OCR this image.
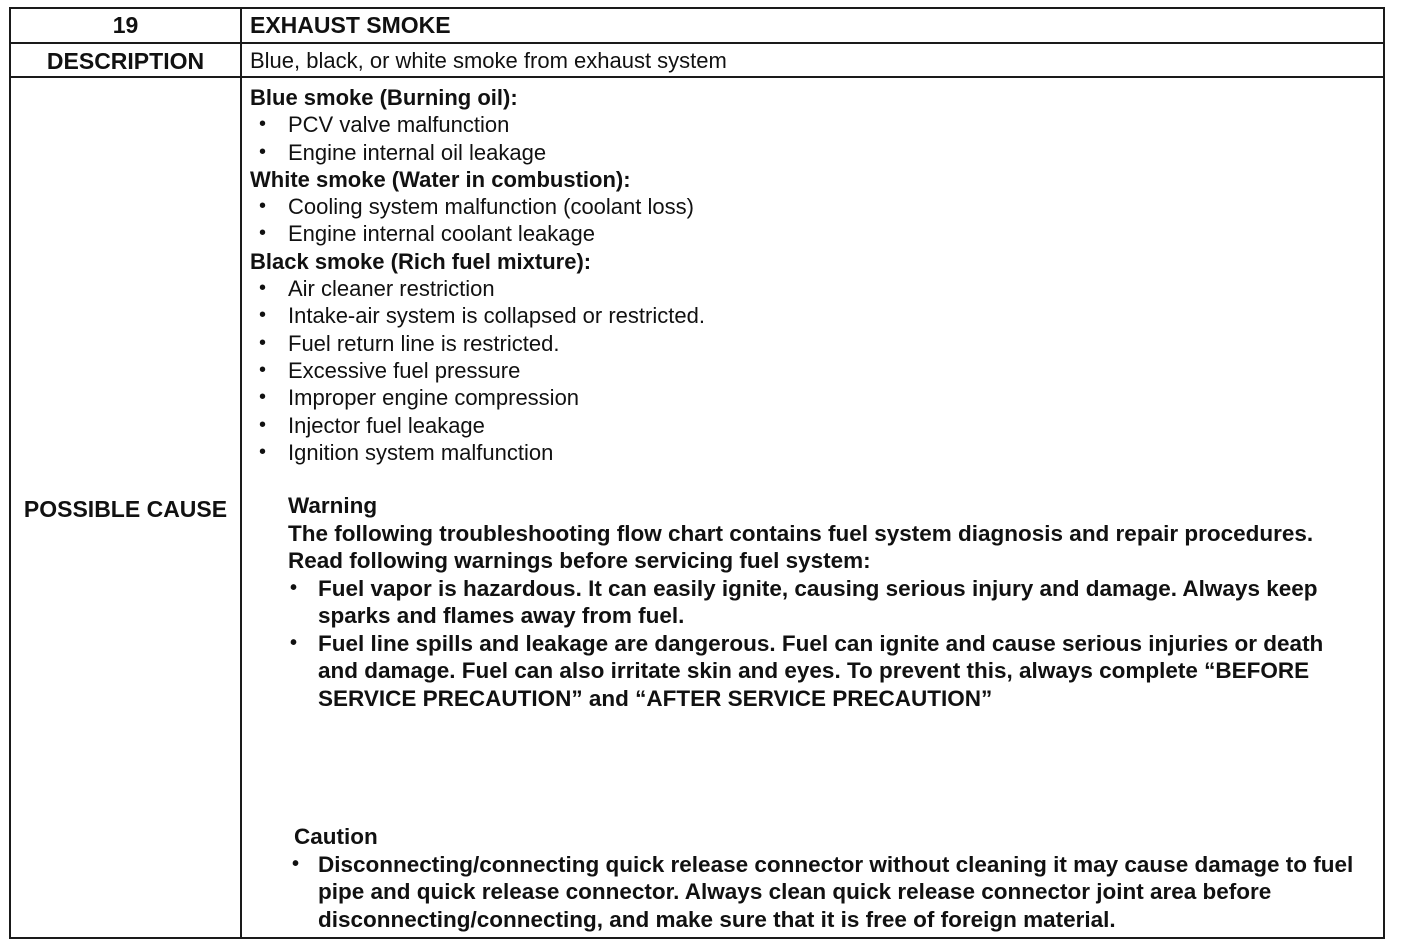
19	EXHAUST SMOKE
DESCRIPTION	Blue, black, or white smoke from exhaust system
POSSIBLE CAUSE
Blue smoke (Burning oil):
• PCV valve malfunction
• Engine internal oil leakage
White smoke (Water in combustion):
• Cooling system malfunction (coolant loss)
• Engine internal coolant leakage
Black smoke (Rich fuel mixture):
• Air cleaner restriction
• Intake-air system is collapsed or restricted.
• Fuel return line is restricted.
• Excessive fuel pressure
• Improper engine compression
• Injector fuel leakage
• Ignition system malfunction
Warning

The following troubleshooting flow chart contains fuel system diagnosis and repair procedures. Read following warnings before servicing fuel system:

• Fuel vapor is hazardous. It can easily ignite, causing serious injury and damage. Always keep sparks and flames away from fuel.
• Fuel line spills and leakage are dangerous. Fuel can ignite and cause serious injuries or death and damage. Fuel can also irritate skin and eyes. To prevent this, always complete “BEFORE SERVICE PRECAUTION” and “AFTER SERVICE PRECAUTION”
Caution
• Disconnecting/connecting quick release connector without cleaning it may cause damage to fuel pipe and quick release connector. Always clean quick release connector joint area before disconnecting/connecting, and make sure that it is free of foreign material.
